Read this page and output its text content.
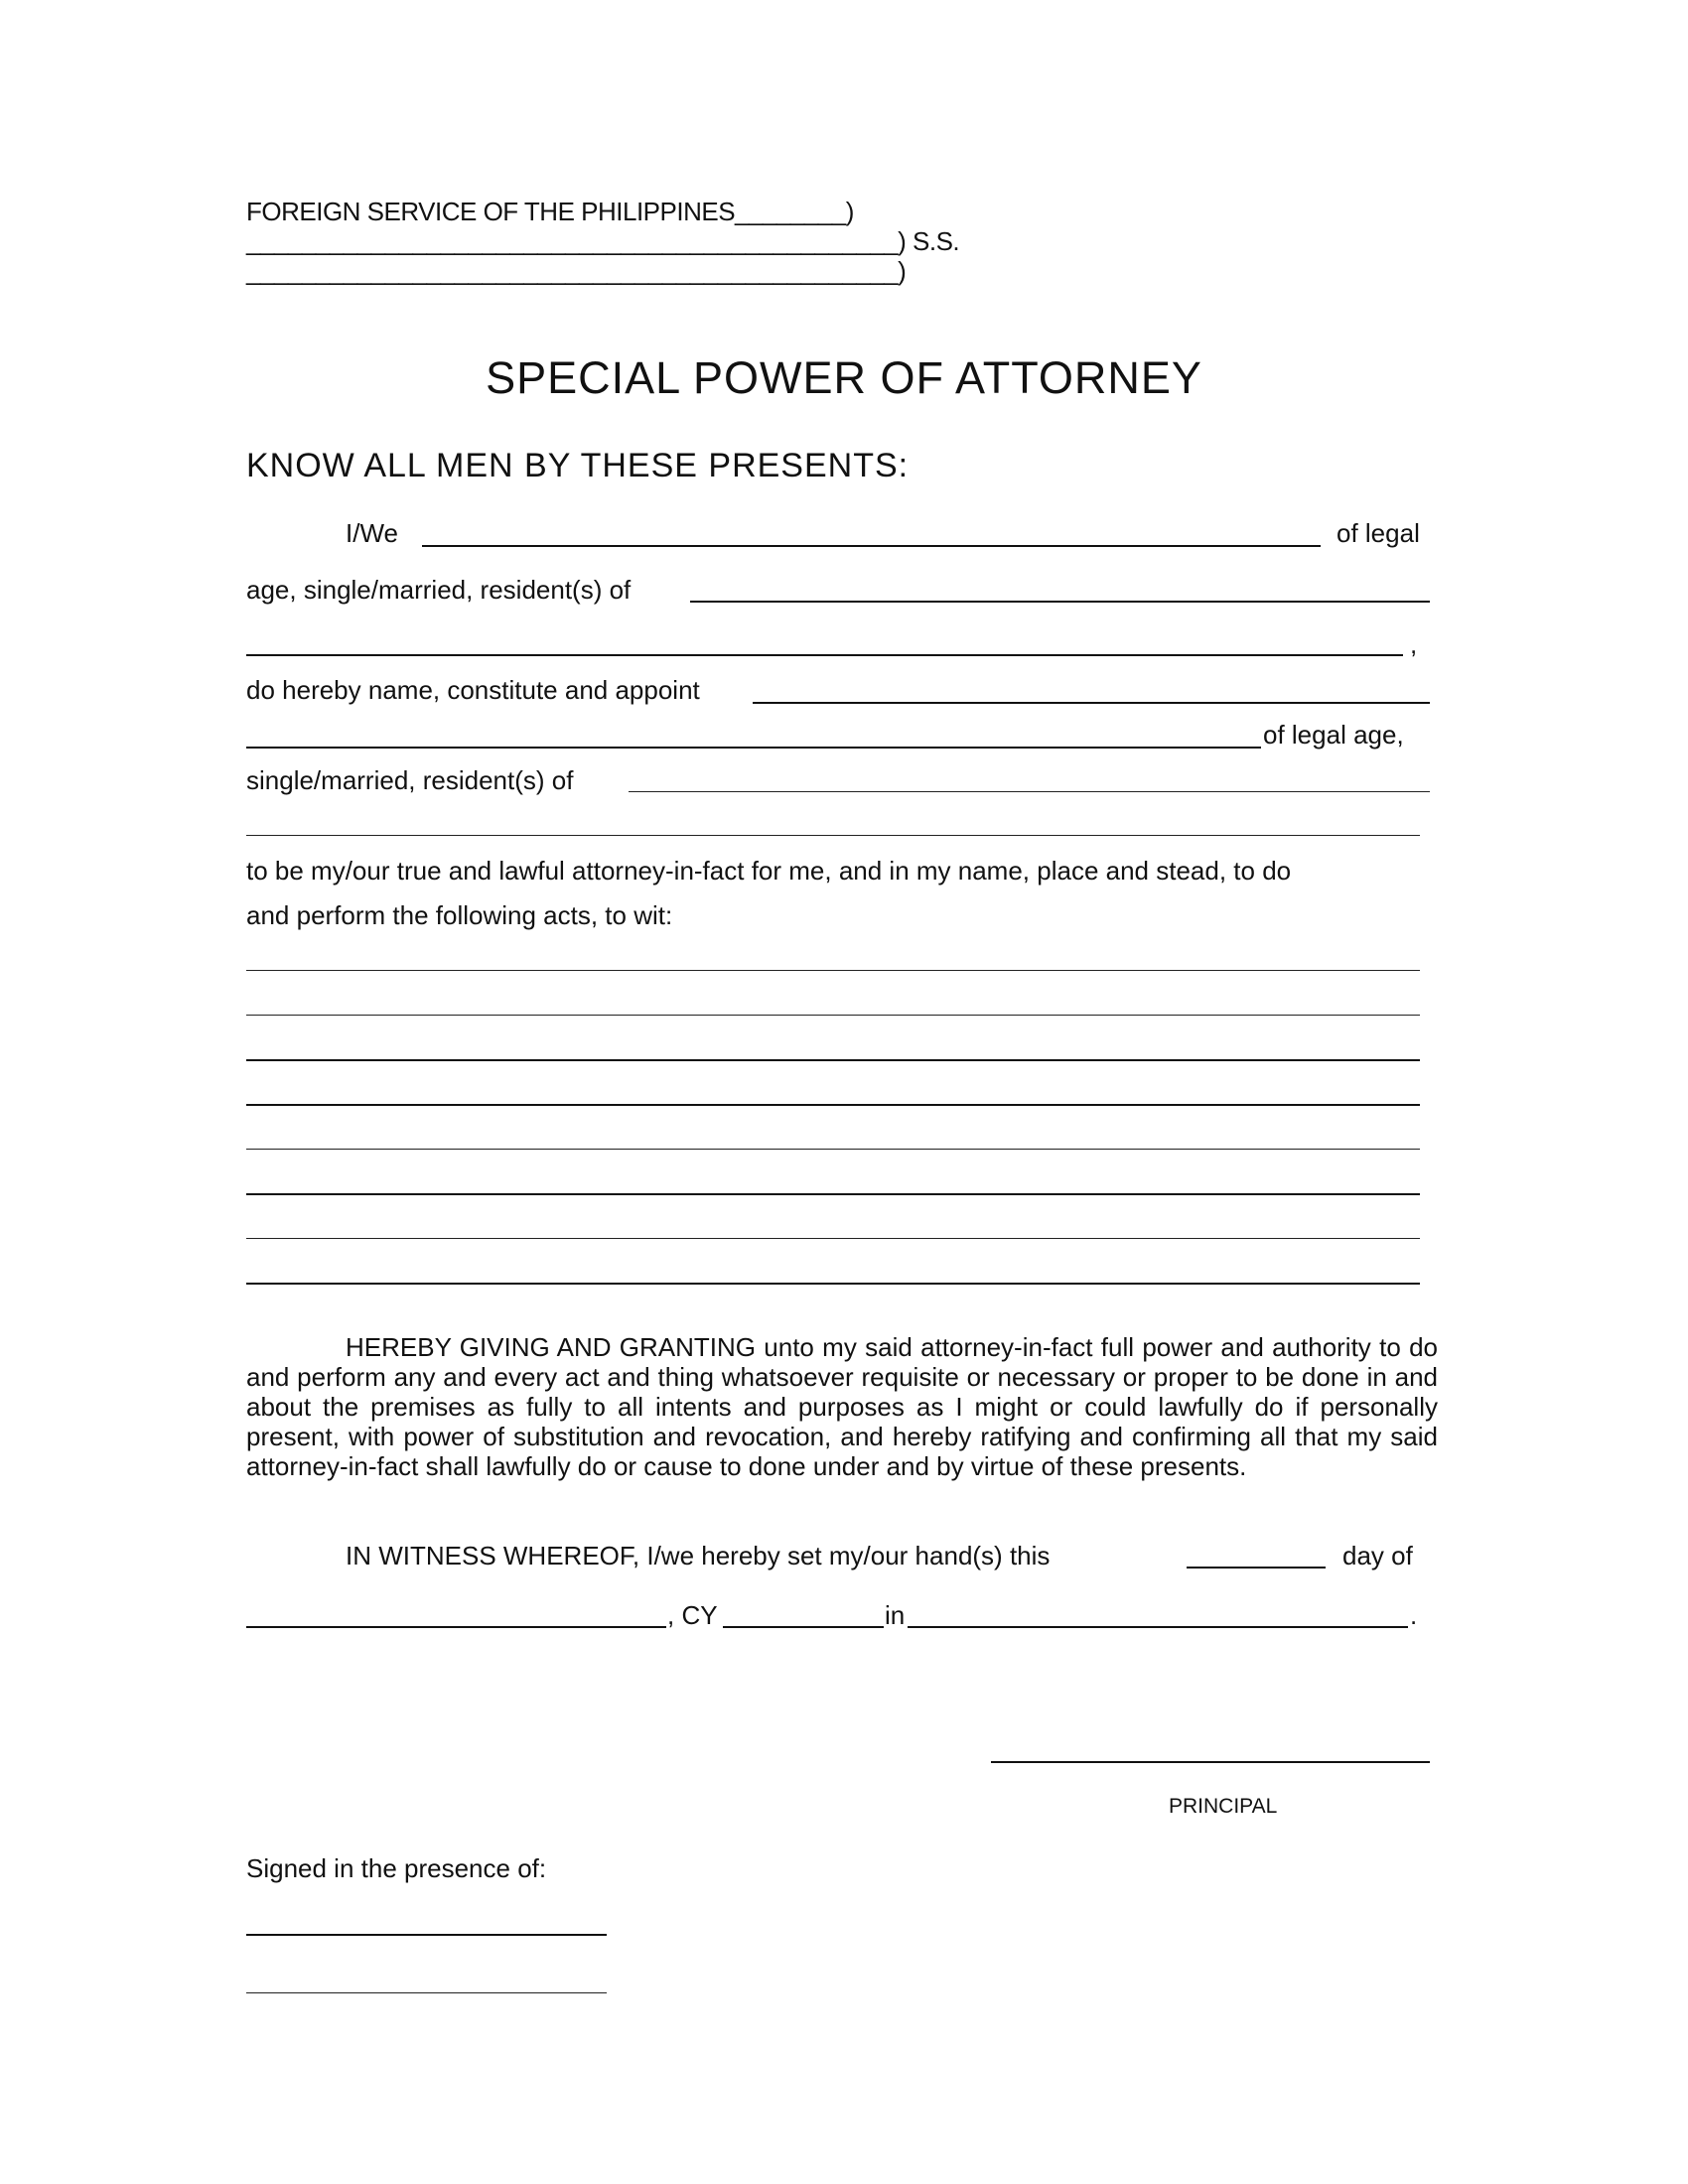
FOREIGN SERVICE OF THE PHILIPPINES________)
_______________________________________________) S.S.
_______________________________________________)
SPECIAL POWER OF ATTORNEY
KNOW ALL MEN BY THESE PRESENTS:
I/We	of legal
age, single/married, resident(s) of
,
do hereby name, constitute and appoint
of legal age,
single/married, resident(s) of
to be my/our true and lawful attorney-in-fact for me, and in my name, place and stead, to do
and perform the following acts, to wit:
HEREBY GIVING AND GRANTING unto my said attorney-in-fact full power and authority to do and perform any and every act and thing whatsoever requisite or necessary or proper to be done in and about the premises as fully to all intents and purposes as I might or could lawfully do if personally present, with power of substitution and revocation, and hereby ratifying and confirming all that my said attorney-in-fact shall lawfully do or cause to done under and by virtue of these presents.
IN WITNESS WHEREOF, I/we hereby set my/our hand(s) this	day of
, CY	in	.
PRINCIPAL
Signed in the presence of:
